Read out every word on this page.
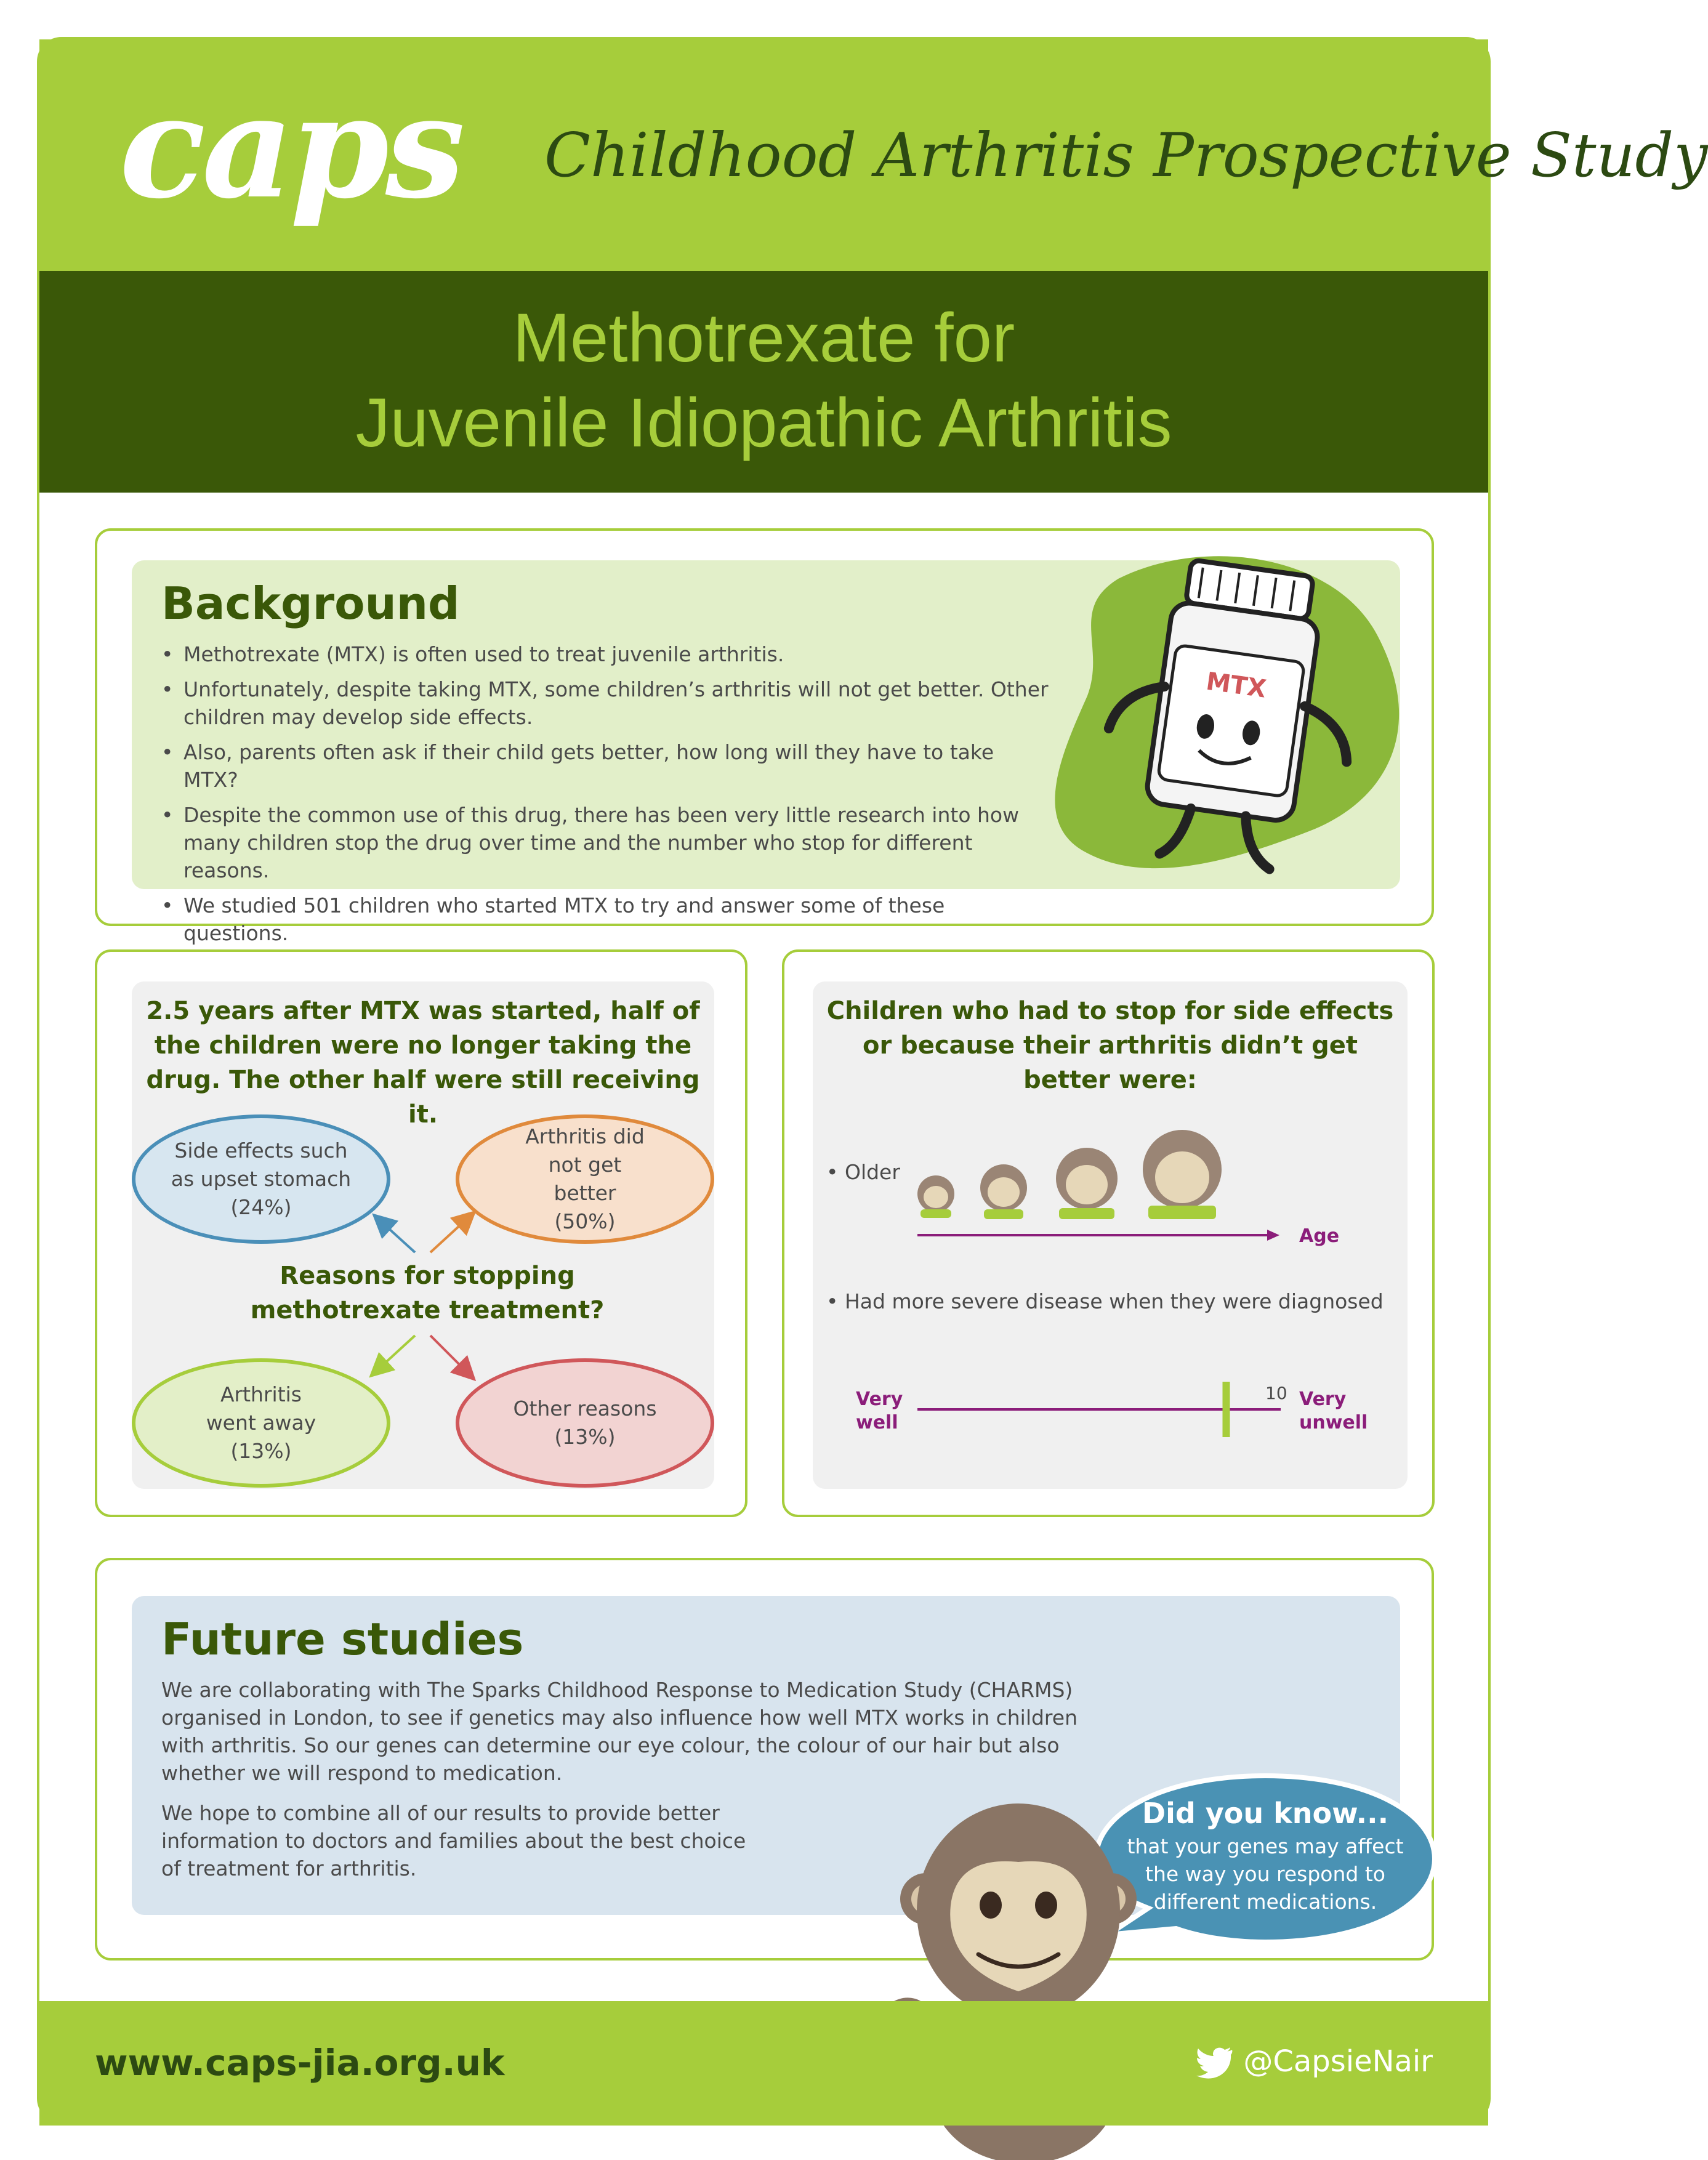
caps Childhood Arthritis Prospective Study
Methotrexate for
Juvenile Idiopathic Arthritis
Background
• Methotrexate (MTX) is often used to treat juvenile arthritis.
• Unfortunately, despite taking MTX, some children’s arthritis will not get better. Other children may develop side effects.
• Also, parents often ask if their child gets better, how long will they have to take MTX?
• Despite the common use of this drug, there has been very little research into how many children stop the drug over time and the number who stop for different reasons.
• We studied 501 children who started MTX to try and answer some of these questions.
MTX
2.5 years after MTX was started, half of the children were no longer taking the drug. The other half were still receiving it.
Side effects such as upset stomach
(24%)
Arthritis did not get better
(50%)
Reasons for stopping methotrexate treatment?
Arthritis went away
(13%)
Other reasons
(13%)
Children who had to stop for side effects or because their arthritis didn’t get better were:
• Older
Age
• Had more severe disease when they were diagnosed
Very well
Very unwell
10
Future studies
We are collaborating with The Sparks Childhood Response to Medication Study (CHARMS) organised in London, to see if genetics may also influence how well MTX works in children with arthritis. So our genes can determine our eye colour, the colour of our hair but also whether we will respond to medication.
We hope to combine all of our results to provide better information to doctors and families about the best choice of treatment for arthritis.
Did you know...
that your genes may affect the way you respond to different medications.
www.caps-jia.org.uk	@CapsieNair
